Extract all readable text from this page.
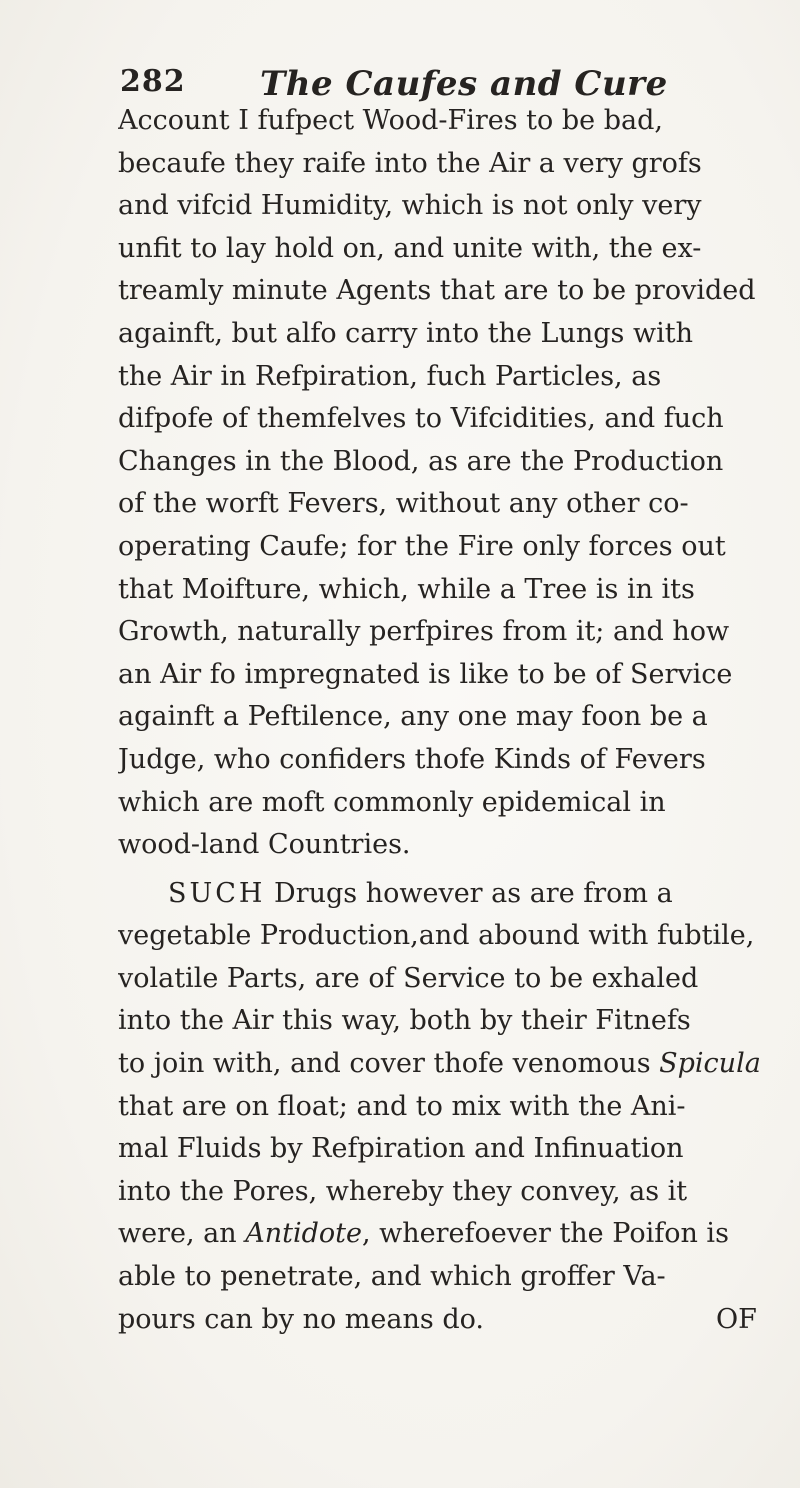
282 The Caufes and Cure
Account I fufpect Wood-Fires to be bad,
becaufe they raife into the Air a very grofs
and vifcid Humidity, which is not only very
unfit to lay hold on, and unite with, the ex-
treamly minute Agents that are to be provided
againft, but alfo carry into the Lungs with
the Air in Refpiration, fuch Particles, as
difpofe of themfelves to Vifcidities, and fuch
Changes in the Blood, as are the Production
of the worft Fevers, without any other co-
operating Caufe; for the Fire only forces out
that Moifture, which, while a Tree is in its
Growth, naturally perfpires from it; and how
an Air fo impregnated is like to be of Service
againft a Peftilence, any one may foon be a
Judge, who confiders thofe Kinds of Fevers
which are moft commonly epidemical in
wood-land Countries.
SUCH Drugs however as are from a
vegetable Production,and abound with fubtile,
volatile Parts, are of Service to be exhaled
into the Air this way, both by their Fitnefs
to join with, and cover thofe venomous Spicula
that are on float; and to mix with the Ani-
mal Fluids by Refpiration and Infinuation
into the Pores, whereby they convey, as it
were, an Antidote, wherefoever the Poifon is
able to penetrate, and which groffer Va-
pours can by no means do.	OF
